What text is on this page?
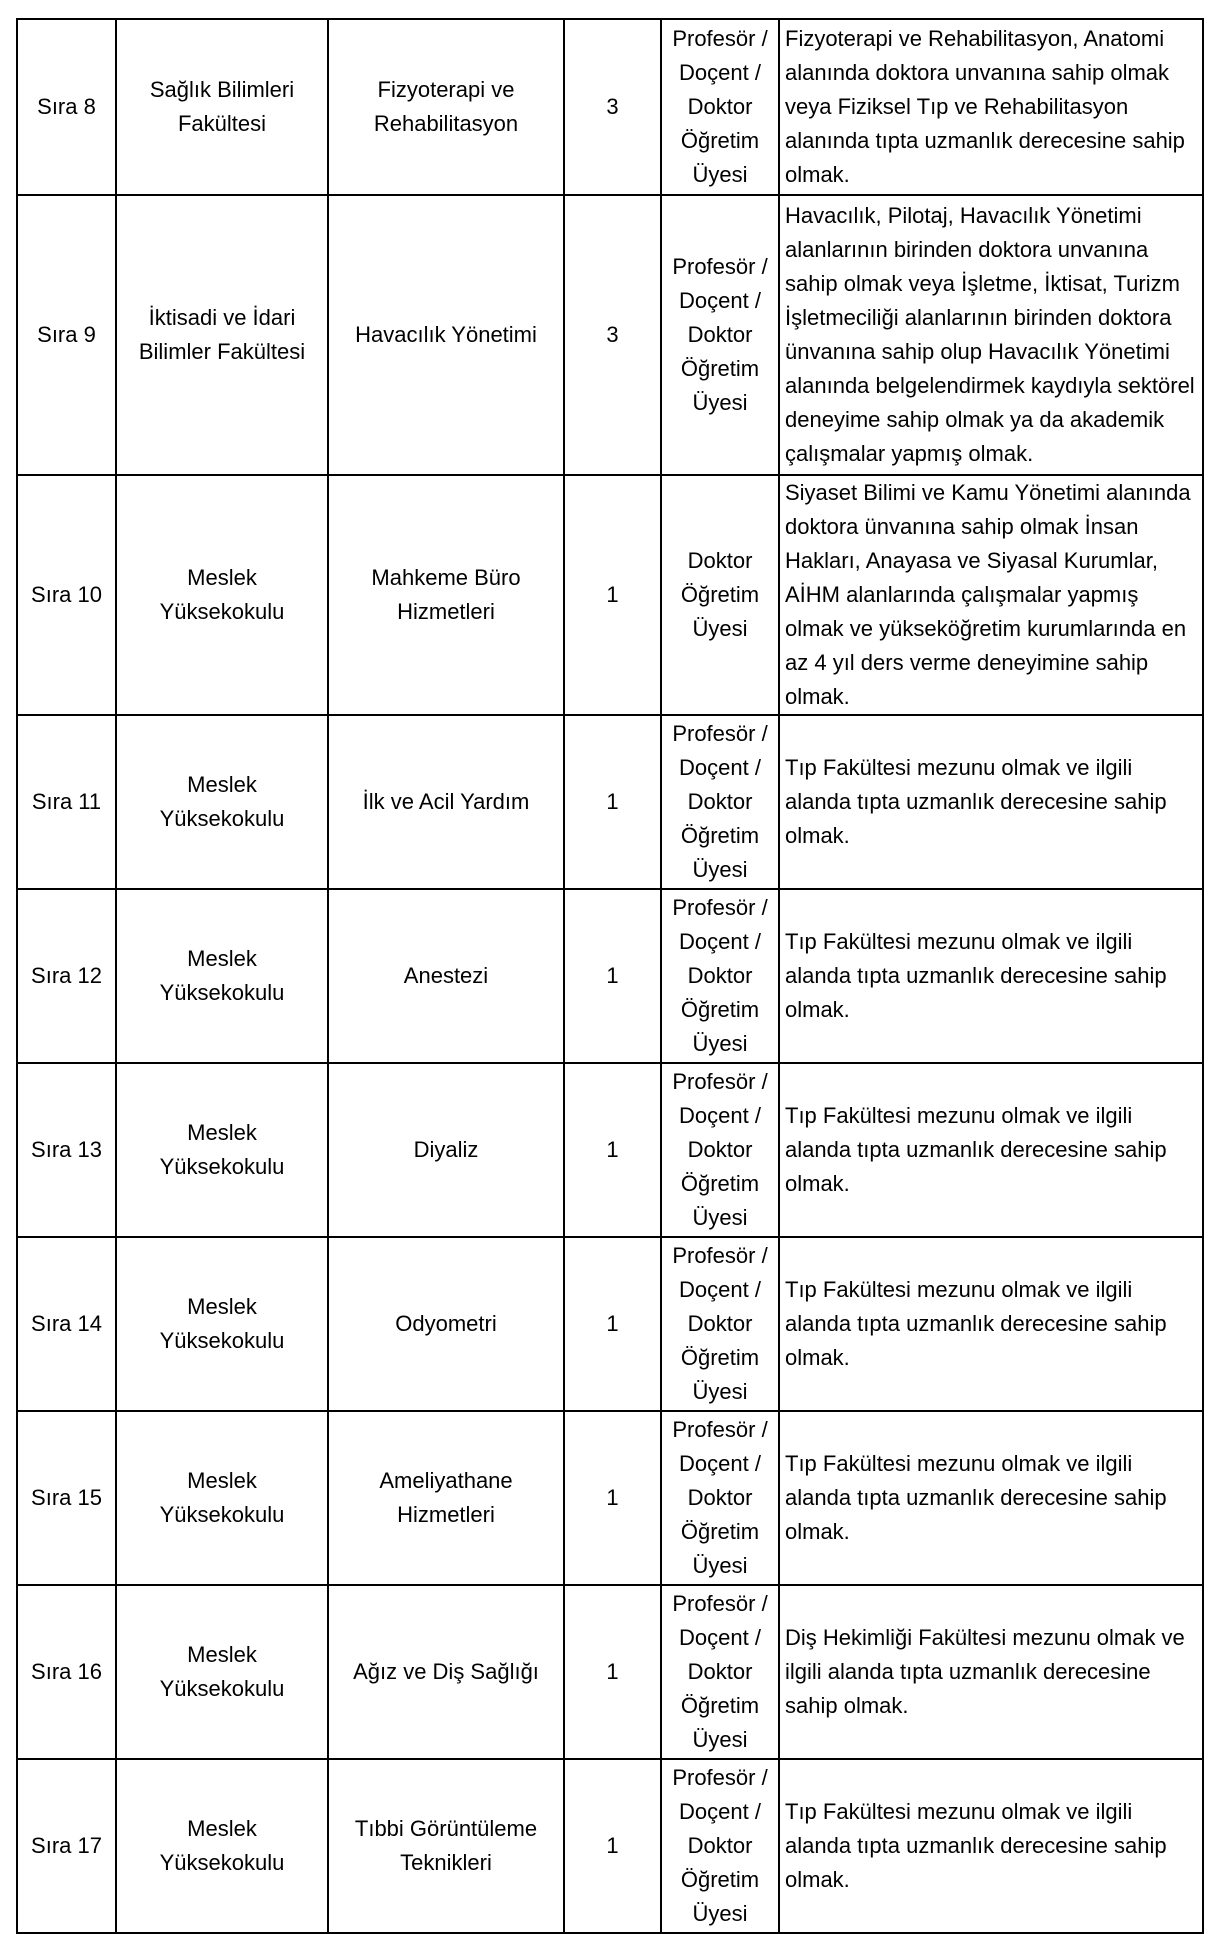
Sıra 8	Sağlık Bilimleri Fakültesi	Fizyoterapi ve Rehabilitasyon	3	Profesör / Doçent / Doktor Öğretim Üyesi	Fizyoterapi ve Rehabilitasyon, Anatomi alanında doktora unvanına sahip olmak veya Fiziksel Tıp ve Rehabilitasyon alanında tıpta uzmanlık derecesine sahip olmak.
Sıra 9	İktisadi ve İdari Bilimler Fakültesi	Havacılık Yönetimi	3	Profesör / Doçent / Doktor Öğretim Üyesi	Havacılık, Pilotaj, Havacılık Yönetimi alanlarının birinden doktora unvanına sahip olmak veya İşletme, İktisat, Turizm İşletmeciliği alanlarının birinden doktora ünvanına sahip olup Havacılık Yönetimi alanında belgelendirmek kaydıyla sektörel deneyime sahip olmak ya da akademik çalışmalar yapmış olmak.
Sıra 10	Meslek Yüksekokulu	Mahkeme Büro Hizmetleri	1	Doktor Öğretim Üyesi	Siyaset Bilimi ve Kamu Yönetimi alanında doktora ünvanına sahip olmak İnsan Hakları, Anayasa ve Siyasal Kurumlar, AİHM alanlarında çalışmalar yapmış olmak ve yükseköğretim kurumlarında en az 4 yıl ders verme deneyimine sahip olmak.
Sıra 11	Meslek Yüksekokulu	İlk ve Acil Yardım	1	Profesör / Doçent / Doktor Öğretim Üyesi	Tıp Fakültesi mezunu olmak ve ilgili alanda tıpta uzmanlık derecesine sahip olmak.
Sıra 12	Meslek Yüksekokulu	Anestezi	1	Profesör / Doçent / Doktor Öğretim Üyesi	Tıp Fakültesi mezunu olmak ve ilgili alanda tıpta uzmanlık derecesine sahip olmak.
Sıra 13	Meslek Yüksekokulu	Diyaliz	1	Profesör / Doçent / Doktor Öğretim Üyesi	Tıp Fakültesi mezunu olmak ve ilgili alanda tıpta uzmanlık derecesine sahip olmak.
Sıra 14	Meslek Yüksekokulu	Odyometri	1	Profesör / Doçent / Doktor Öğretim Üyesi	Tıp Fakültesi mezunu olmak ve ilgili alanda tıpta uzmanlık derecesine sahip olmak.
Sıra 15	Meslek Yüksekokulu	Ameliyathane Hizmetleri	1	Profesör / Doçent / Doktor Öğretim Üyesi	Tıp Fakültesi mezunu olmak ve ilgili alanda tıpta uzmanlık derecesine sahip olmak.
Sıra 16	Meslek Yüksekokulu	Ağız ve Diş Sağlığı	1	Profesör / Doçent / Doktor Öğretim Üyesi	Diş Hekimliği Fakültesi mezunu olmak ve ilgili alanda tıpta uzmanlık derecesine sahip olmak.
Sıra 17	Meslek Yüksekokulu	Tıbbi Görüntüleme Teknikleri	1	Profesör / Doçent / Doktor Öğretim Üyesi	Tıp Fakültesi mezunu olmak ve ilgili alanda tıpta uzmanlık derecesine sahip olmak.
